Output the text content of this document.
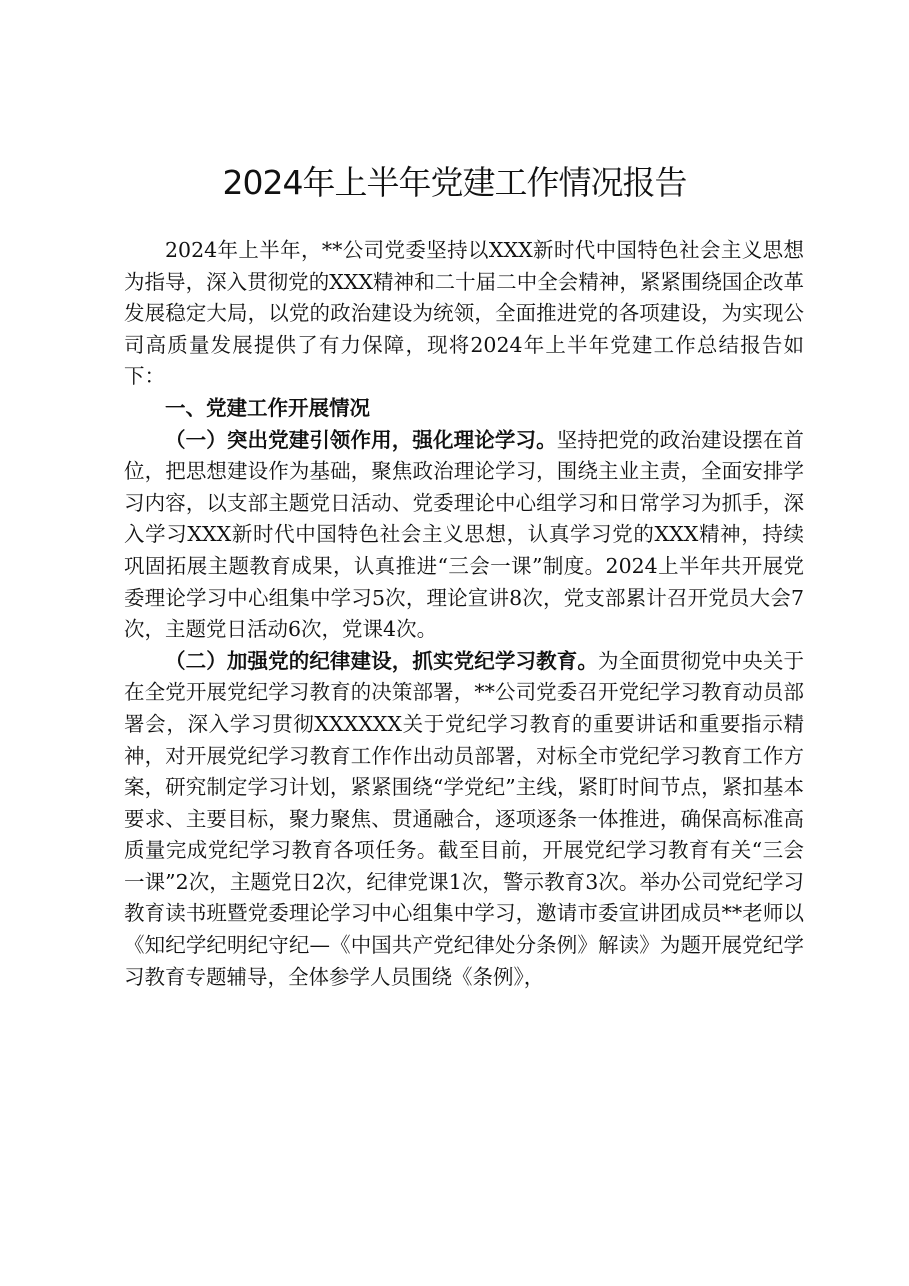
2024年上半年党建工作情况报告

2024年上半年，**公司党委坚持以XXX新时代中国特色社会主义思想为指导，深入贯彻党的XXX精神和二十届二中全会精神，紧紧围绕国企改革发展稳定大局，以党的政治建设为统领，全面推进党的各项建设，为实现公司高质量发展提供了有力保障，现将2024年上半年党建工作总结报告如下：

一、党建工作开展情况

（一）突出党建引领作用，强化理论学习。坚持把党的政治建设摆在首位，把思想建设作为基础，聚焦政治理论学习，围绕主业主责，全面安排学习内容，以支部主题党日活动、党委理论中心组学习和日常学习为抓手，深入学习XXX新时代中国特色社会主义思想，认真学习党的XXX精神，持续巩固拓展主题教育成果，认真推进“三会一课”制度。2024上半年共开展党委理论学习中心组集中学习5次，理论宣讲8次，党支部累计召开党员大会7次，主题党日活动6次，党课4次。

（二）加强党的纪律建设，抓实党纪学习教育。为全面贯彻党中央关于在全党开展党纪学习教育的决策部署，**公司党委召开党纪学习教育动员部署会，深入学习贯彻XXXXXX关于党纪学习教育的重要讲话和重要指示精神，对开展党纪学习教育工作作出动员部署，对标全市党纪学习教育工作方案，研究制定学习计划，紧紧围绕“学党纪”主线，紧盯时间节点，紧扣基本要求、主要目标，聚力聚焦、贯通融合，逐项逐条一体推进，确保高标准高质量完成党纪学习教育各项任务。截至目前，开展党纪学习教育有关“三会一课”2次，主题党日2次，纪律党课1次，警示教育3次。举办公司党纪学习教育读书班暨党委理论学习中心组集中学习，邀请市委宣讲团成员**老师以《知纪学纪明纪守纪—《中国共产党纪律处分条例》解读》为题开展党纪学习教育专题辅导，全体参学人员围绕《条例》，
